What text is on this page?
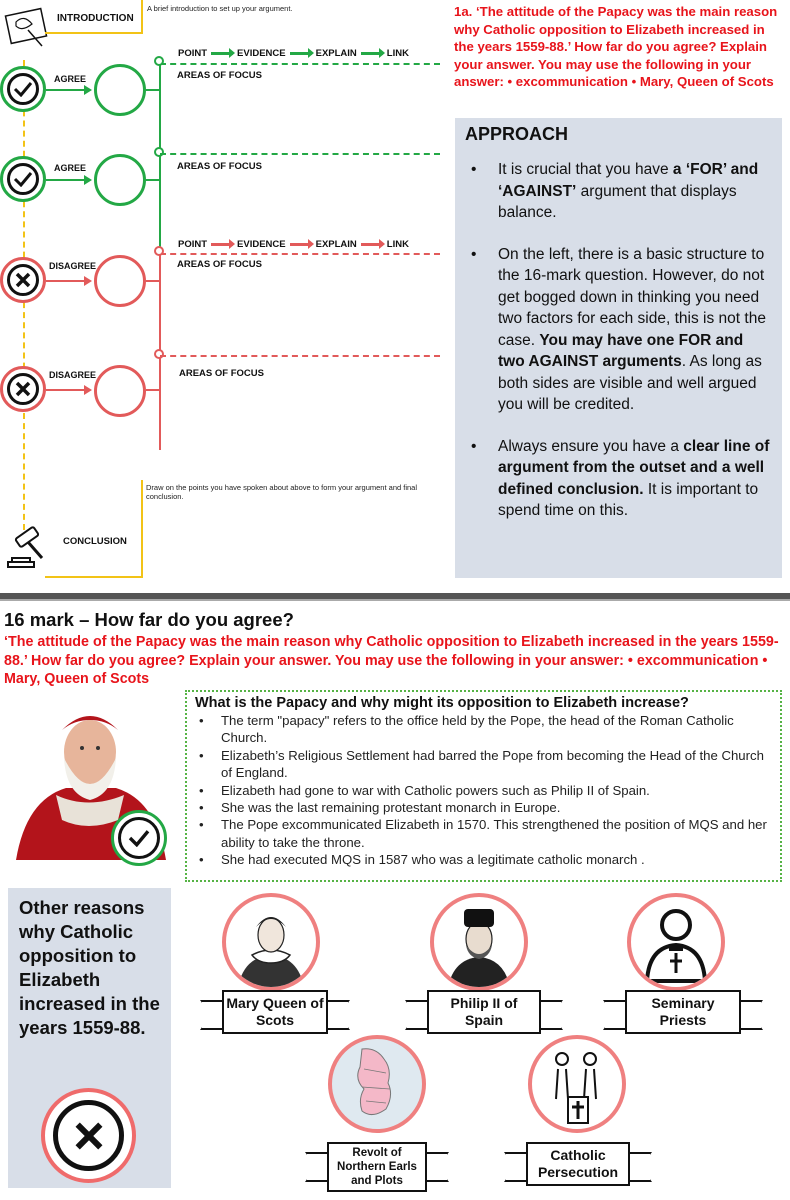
INTRODUCTION
A brief introduction to set up your argument.
POINT	EVIDENCE	EXPLAIN	LINK
AREAS OF FOCUS
AGREE
AREAS OF FOCUS
AGREE
POINT	EVIDENCE	EXPLAIN	LINK
AREAS OF FOCUS
DISAGREE
AREAS OF FOCUS
DISAGREE
Draw on the points you have spoken about above to form your argument and final conclusion.
CONCLUSION
1a. ‘The attitude of the Papacy was the main reason why Catholic opposition to Elizabeth increased in the years 1559-88.’ How far do you agree? Explain your answer. You may use the following in your answer: • excommunication • Mary, Queen of Scots
APPROACH
• It is crucial that you have a ‘FOR’ and ‘AGAINST’ argument that displays balance.
• On the left, there is a basic structure to the 16-mark question. However, do not get bogged down in thinking you need two factors for each side, this is not the case. You may have one FOR and two AGAINST arguments. As long as both sides are visible and well argued you will be credited.
• Always ensure you have a clear line of argument from the outset and a well defined conclusion. It is important to spend time on this.
16 mark – How far do you agree?
‘The attitude of the Papacy was the main reason why Catholic opposition to Elizabeth increased in the years 1559-88.’ How far do you agree? Explain your answer. You may use the following in your answer: • excommunication • Mary, Queen of Scots
What is the Papacy and why might its opposition to Elizabeth increase?
• The term "papacy" refers to the office held by the Pope, the head of the Roman Catholic Church.
• Elizabeth’s Religious Settlement had barred the Pope from becoming the Head of the Church of England.
• Elizabeth had gone to war with Catholic powers such as Philip II of Spain.
• She was the last remaining protestant monarch in Europe.
• The Pope excommunicated Elizabeth in 1570. This strengthened the position of MQS and her ability to take the throne.
• She had executed MQS in 1587 who was a legitimate catholic monarch .

Other reasons why Catholic opposition to Elizabeth increased in the years 1559-88.

Mary Queen of Scots
Philip II of Spain
Seminary Priests
Revolt of Northern Earls and Plots
Catholic Persecution
